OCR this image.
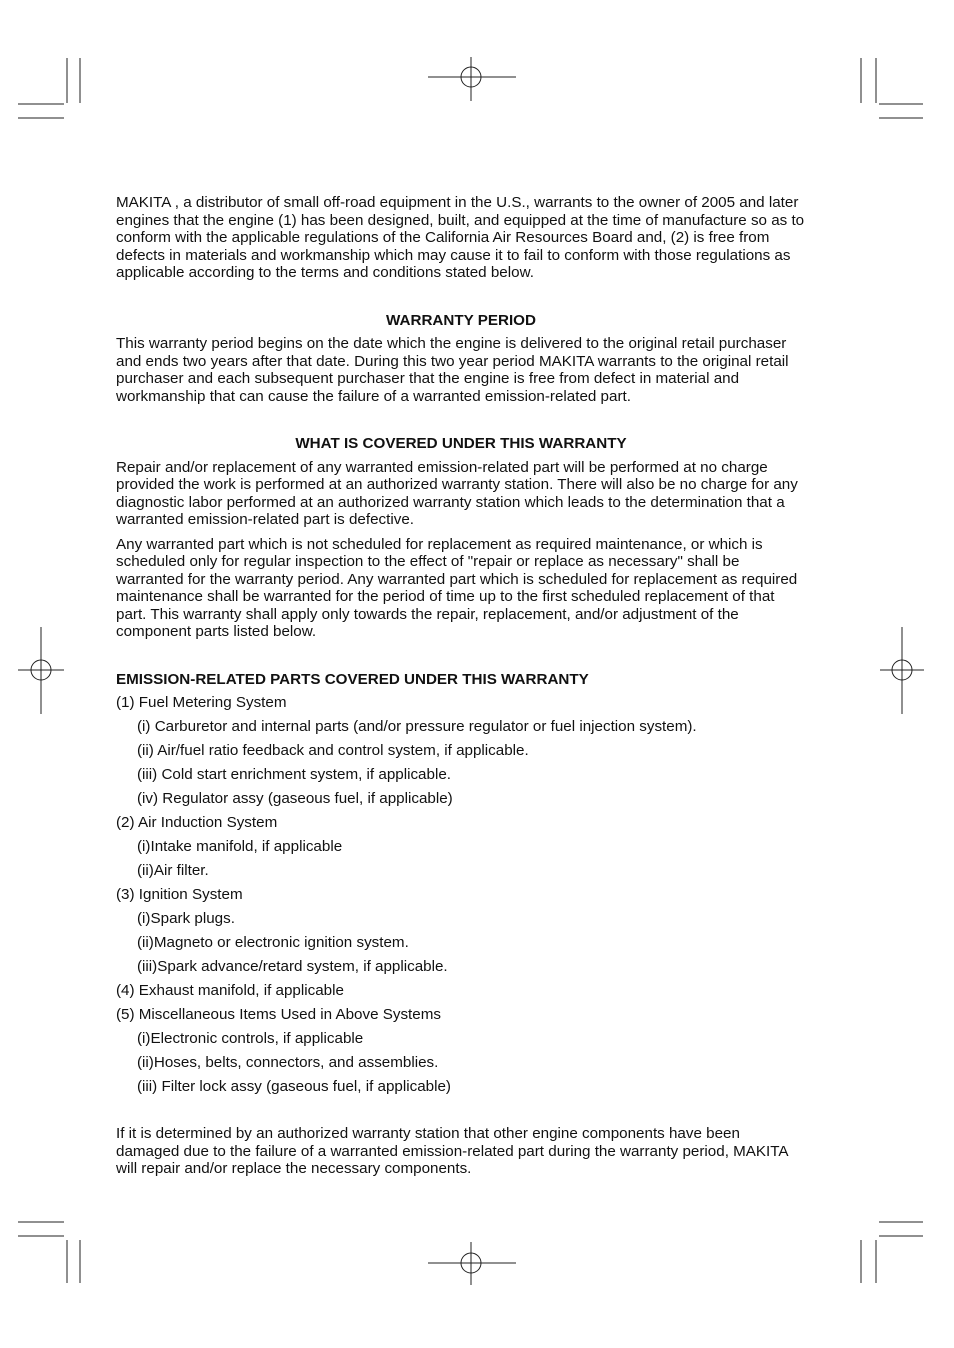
MAKITA , a distributor of small off-road equipment in the U.S., warrants to the owner of 2005 and later engines that the engine (1) has been designed, built, and equipped at the time of manufacture so as to conform with the applicable regulations of the California Air Resources Board and, (2) is free from defects in materials and workmanship which may cause it to fail to conform with those regulations as applicable according to the terms and conditions stated below.

WARRANTY PERIOD

This warranty period begins on the date which the engine is delivered to the original retail purchaser and ends two years after that date. During this two year period MAKITA warrants to the original retail purchaser and each subsequent purchaser that the engine is free from defect in material and workmanship that can cause the failure of a warranted emission-related part.

WHAT IS COVERED UNDER THIS WARRANTY

Repair and/or replacement of any warranted emission-related part will be performed at no charge provided the work is performed at an authorized warranty station. There will also be no charge for any diagnostic labor performed at an authorized warranty station which leads to the determination that a warranted emission-related part is defective.

Any warranted part which is not scheduled for replacement as required maintenance, or which is scheduled only for regular inspection to the effect of "repair or replace as necessary" shall be warranted for the warranty period. Any warranted part which is scheduled for replacement as required maintenance shall be warranted for the period of time up to the first scheduled replacement of that part. This warranty shall apply only towards the repair, replacement, and/or adjustment of the component parts listed below.

EMISSION-RELATED PARTS COVERED UNDER THIS WARRANTY
(1) Fuel Metering System
(i) Carburetor and internal parts (and/or pressure regulator or fuel injection system).
(ii) Air/fuel ratio feedback and control system, if applicable.
(iii) Cold start enrichment system, if applicable.
(iv) Regulator assy (gaseous fuel, if applicable)
(2) Air Induction System
(i)Intake manifold, if applicable
(ii)Air filter.
(3) Ignition System
(i)Spark plugs.
(ii)Magneto or electronic ignition system.
(iii)Spark advance/retard system, if applicable.
(4) Exhaust manifold, if applicable
(5) Miscellaneous Items Used in Above Systems
(i)Electronic controls, if applicable
(ii)Hoses, belts, connectors, and assemblies.
(iii) Filter lock assy (gaseous fuel, if applicable)

If it is determined by an authorized warranty station that other engine components have been damaged due to the failure of a warranted emission-related part during the warranty period, MAKITA will repair and/or replace the necessary components.
